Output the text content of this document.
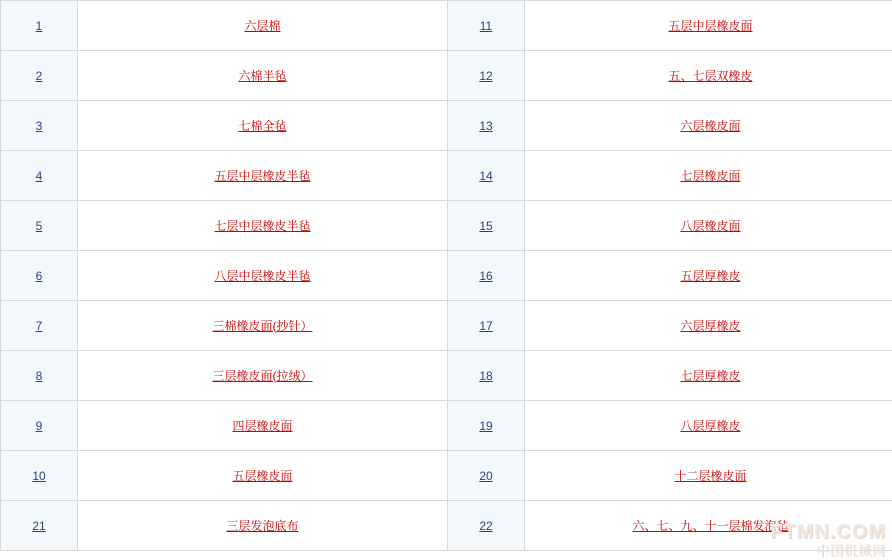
1	六层棉	11	五层中层橡皮面
2	六棉半毡	12	五、七层双橡皮
3	七棉全毡	13	六层橡皮面
4	五层中层橡皮半毡	14	七层橡皮面
5	七层中层橡皮半毡	15	八层橡皮面
6	八层中层橡皮半毡	16	五层厚橡皮
7	三棉橡皮面(抄针）	17	六层厚橡皮
8	三层橡皮面(拉绒）	18	七层厚橡皮
9	四层橡皮面	19	八层厚橡皮
10	五层橡皮面	20	十二层橡皮面
21	三层发泡底布	22	六、七、九、十一层棉发泡毡
FTMN.COM
中国机械网
